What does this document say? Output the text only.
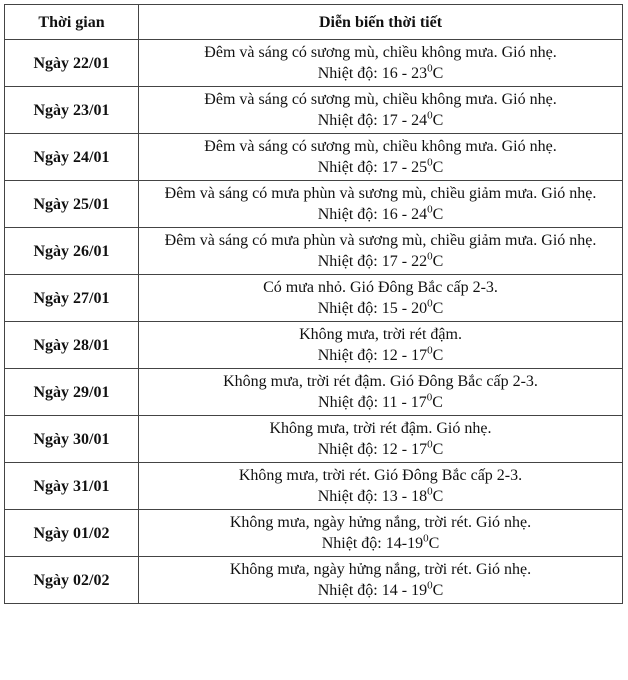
Thời gian	Diễn biến thời tiết
Ngày 22/01	Đêm và sáng có sương mù, chiều không mưa. Gió nhẹ.
Nhiệt độ: $16 - 23^0C$

Ngày 23/01	Đêm và sáng có sương mù, chiều không mưa. Gió nhẹ.
Nhiệt độ: $17 - 24^0C$

Ngày 24/01	Đêm và sáng có sương mù, chiều không mưa. Gió nhẹ.
Nhiệt độ: $17 - 25^0C$

Ngày 25/01	Đêm và sáng có mưa phùn và sương mù, chiều giảm mưa. Gió nhẹ.
Nhiệt độ: $16 - 24^0C$

Ngày 26/01	Đêm và sáng có mưa phùn và sương mù, chiều giảm mưa. Gió nhẹ.
Nhiệt độ: $17 - 22^0C$

Ngày 27/01	Có mưa nhỏ. Gió Đông Bắc cấp 2-3.
Nhiệt độ: $15 - 20^0C$

Ngày 28/01	Không mưa, trời rét đậm.
Nhiệt độ: $12 - 17^0C$

Ngày 29/01	Không mưa, trời rét đậm. Gió Đông Bắc cấp 2-3.
Nhiệt độ: $11 - 17^0C$

Ngày 30/01	Không mưa, trời rét đậm. Gió nhẹ.
Nhiệt độ: $12 - 17^0C$

Ngày 31/01	Không mưa, trời rét. Gió Đông Bắc cấp 2-3.
Nhiệt độ: $13 - 18^0C$

Ngày 01/02	Không mưa, ngày hửng nắng, trời rét. Gió nhẹ.
Nhiệt độ: $14-19^0C$

Ngày 02/02	Không mưa, ngày hửng nắng, trời rét. Gió nhẹ.
Nhiệt độ: $14 - 19^0C$
